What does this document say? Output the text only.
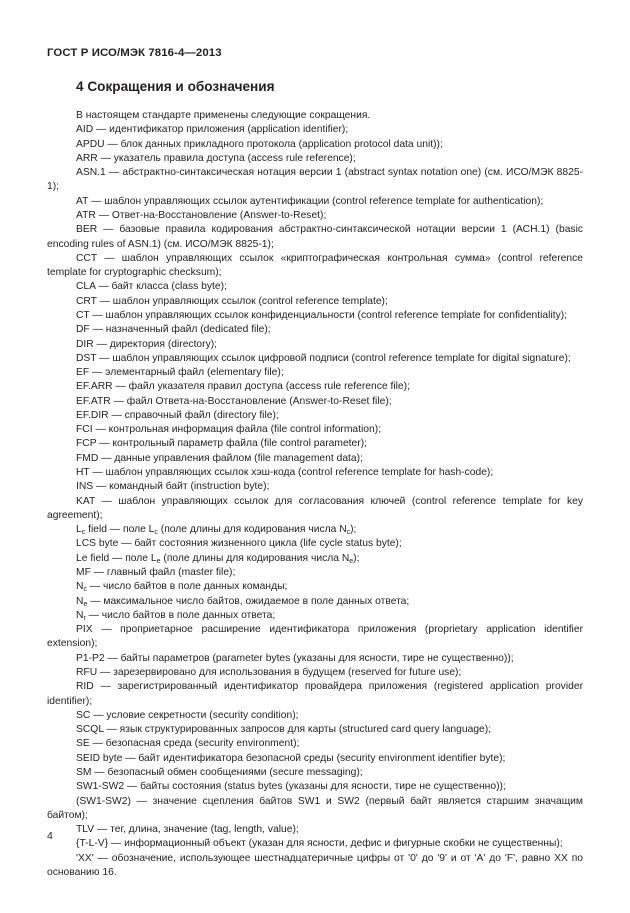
ГОСТ Р ИСО/МЭК 7816-4—2013
4 Сокращения и обозначения

В настоящем стандарте применены следующие сокращения.

AID — идентификатор приложения (application identifier);

APDU — блок данных прикладного протокола (application protocol data unit));

ARR — указатель правила доступа (access rule reference);

ASN.1 — абстрактно-синтаксическая нотация версии 1 (abstract syntax notation one) (см. ИСО/МЭК 8825-1);

AT — шаблон управляющих ссылок аутентификации (control reference template for authentication);

ATR — Ответ-на-Восстановление (Answer-to-Reset);

BER — базовые правила кодирования абстрактно-синтаксической нотации версии 1 (АСН.1) (basic encoding rules of ASN.1) (см. ИСО/МЭК 8825-1);

CCT — шаблон управляющих ссылок «криптографическая контрольная сумма» (control reference template for cryptographic checksum);

CLA — байт класса (class byte);

CRT — шаблон управляющих ссылок (control reference template);

CT — шаблон управляющих ссылок конфиденциальности (control reference template for confidentiality);

DF — назначенный файл (dedicated file);

DIR — директория (directory);

DST — шаблон управляющих ссылок цифровой подписи (control reference template for digital signature);

EF — элементарный файл (elementary file);

EF.ARR — файл указателя правил доступа (access rule reference file);

EF.ATR — файл Ответа-на-Восстановление (Answer-to-Reset file);

EF.DIR — справочный файл (directory file);

FCI — контрольная информация файла (file control information);

FCP — контрольный параметр файла (file control parameter);

FMD — данные управления файлом (file management data);

HT — шаблон управляющих ссылок хэш-кода (control reference template for hash-code);

INS — командный байт (instruction byte);

KAT — шаблон управляющих ссылок для согласования ключей (control reference template for key agreement);

$L_c$ field — поле $L_c$ (поле длины для кодирования числа $N_c$);

LCS byte — байт состояния жизненного цикла (life cycle status byte);

Le field — поле $L_e$ (поле длины для кодирования числа $N_e$);

MF — главный файл (master file);

$N_c$ — число байтов в поле данных команды;

$N_e$ — максимальное число байтов, ожидаемое в поле данных ответа;

$N_r$ — число байтов в поле данных ответа;

PIX — проприетарное расширение идентификатора приложения (proprietary application identifier extension);

P1-P2 — байты параметров (parameter bytes (указаны для ясности, тире не существенно));

RFU — зарезервировано для использования в будущем (reserved for future use);

RID — зарегистрированный идентификатор провайдера приложения (registered application provider identifier);

SC — условие секретности (security condition);

SCQL — язык структурированных запросов для карты (structured card query language);

SE — безопасная среда (security environment);

SEID byte — байт идентификатора безопасной среды (security environment identifier byte);

SM — безопасный обмен сообщениями (secure messaging);

SW1-SW2 — байты состояния (status bytes (указаны для ясности, тире не существенно));

(SW1-SW2) — значение сцепления байтов SW1 и SW2 (первый байт является старшим значащим байтом);

TLV — тег, длина, значение (tag, length, value);

{T-L-V} — информационный объект (указан для ясности, дефис и фигурные скобки не существенны);

'XX' — обозначение, использующее шестнадцатеричные цифры от '0' до '9' и от 'A' до 'F', равно XX по основанию 16.

4
